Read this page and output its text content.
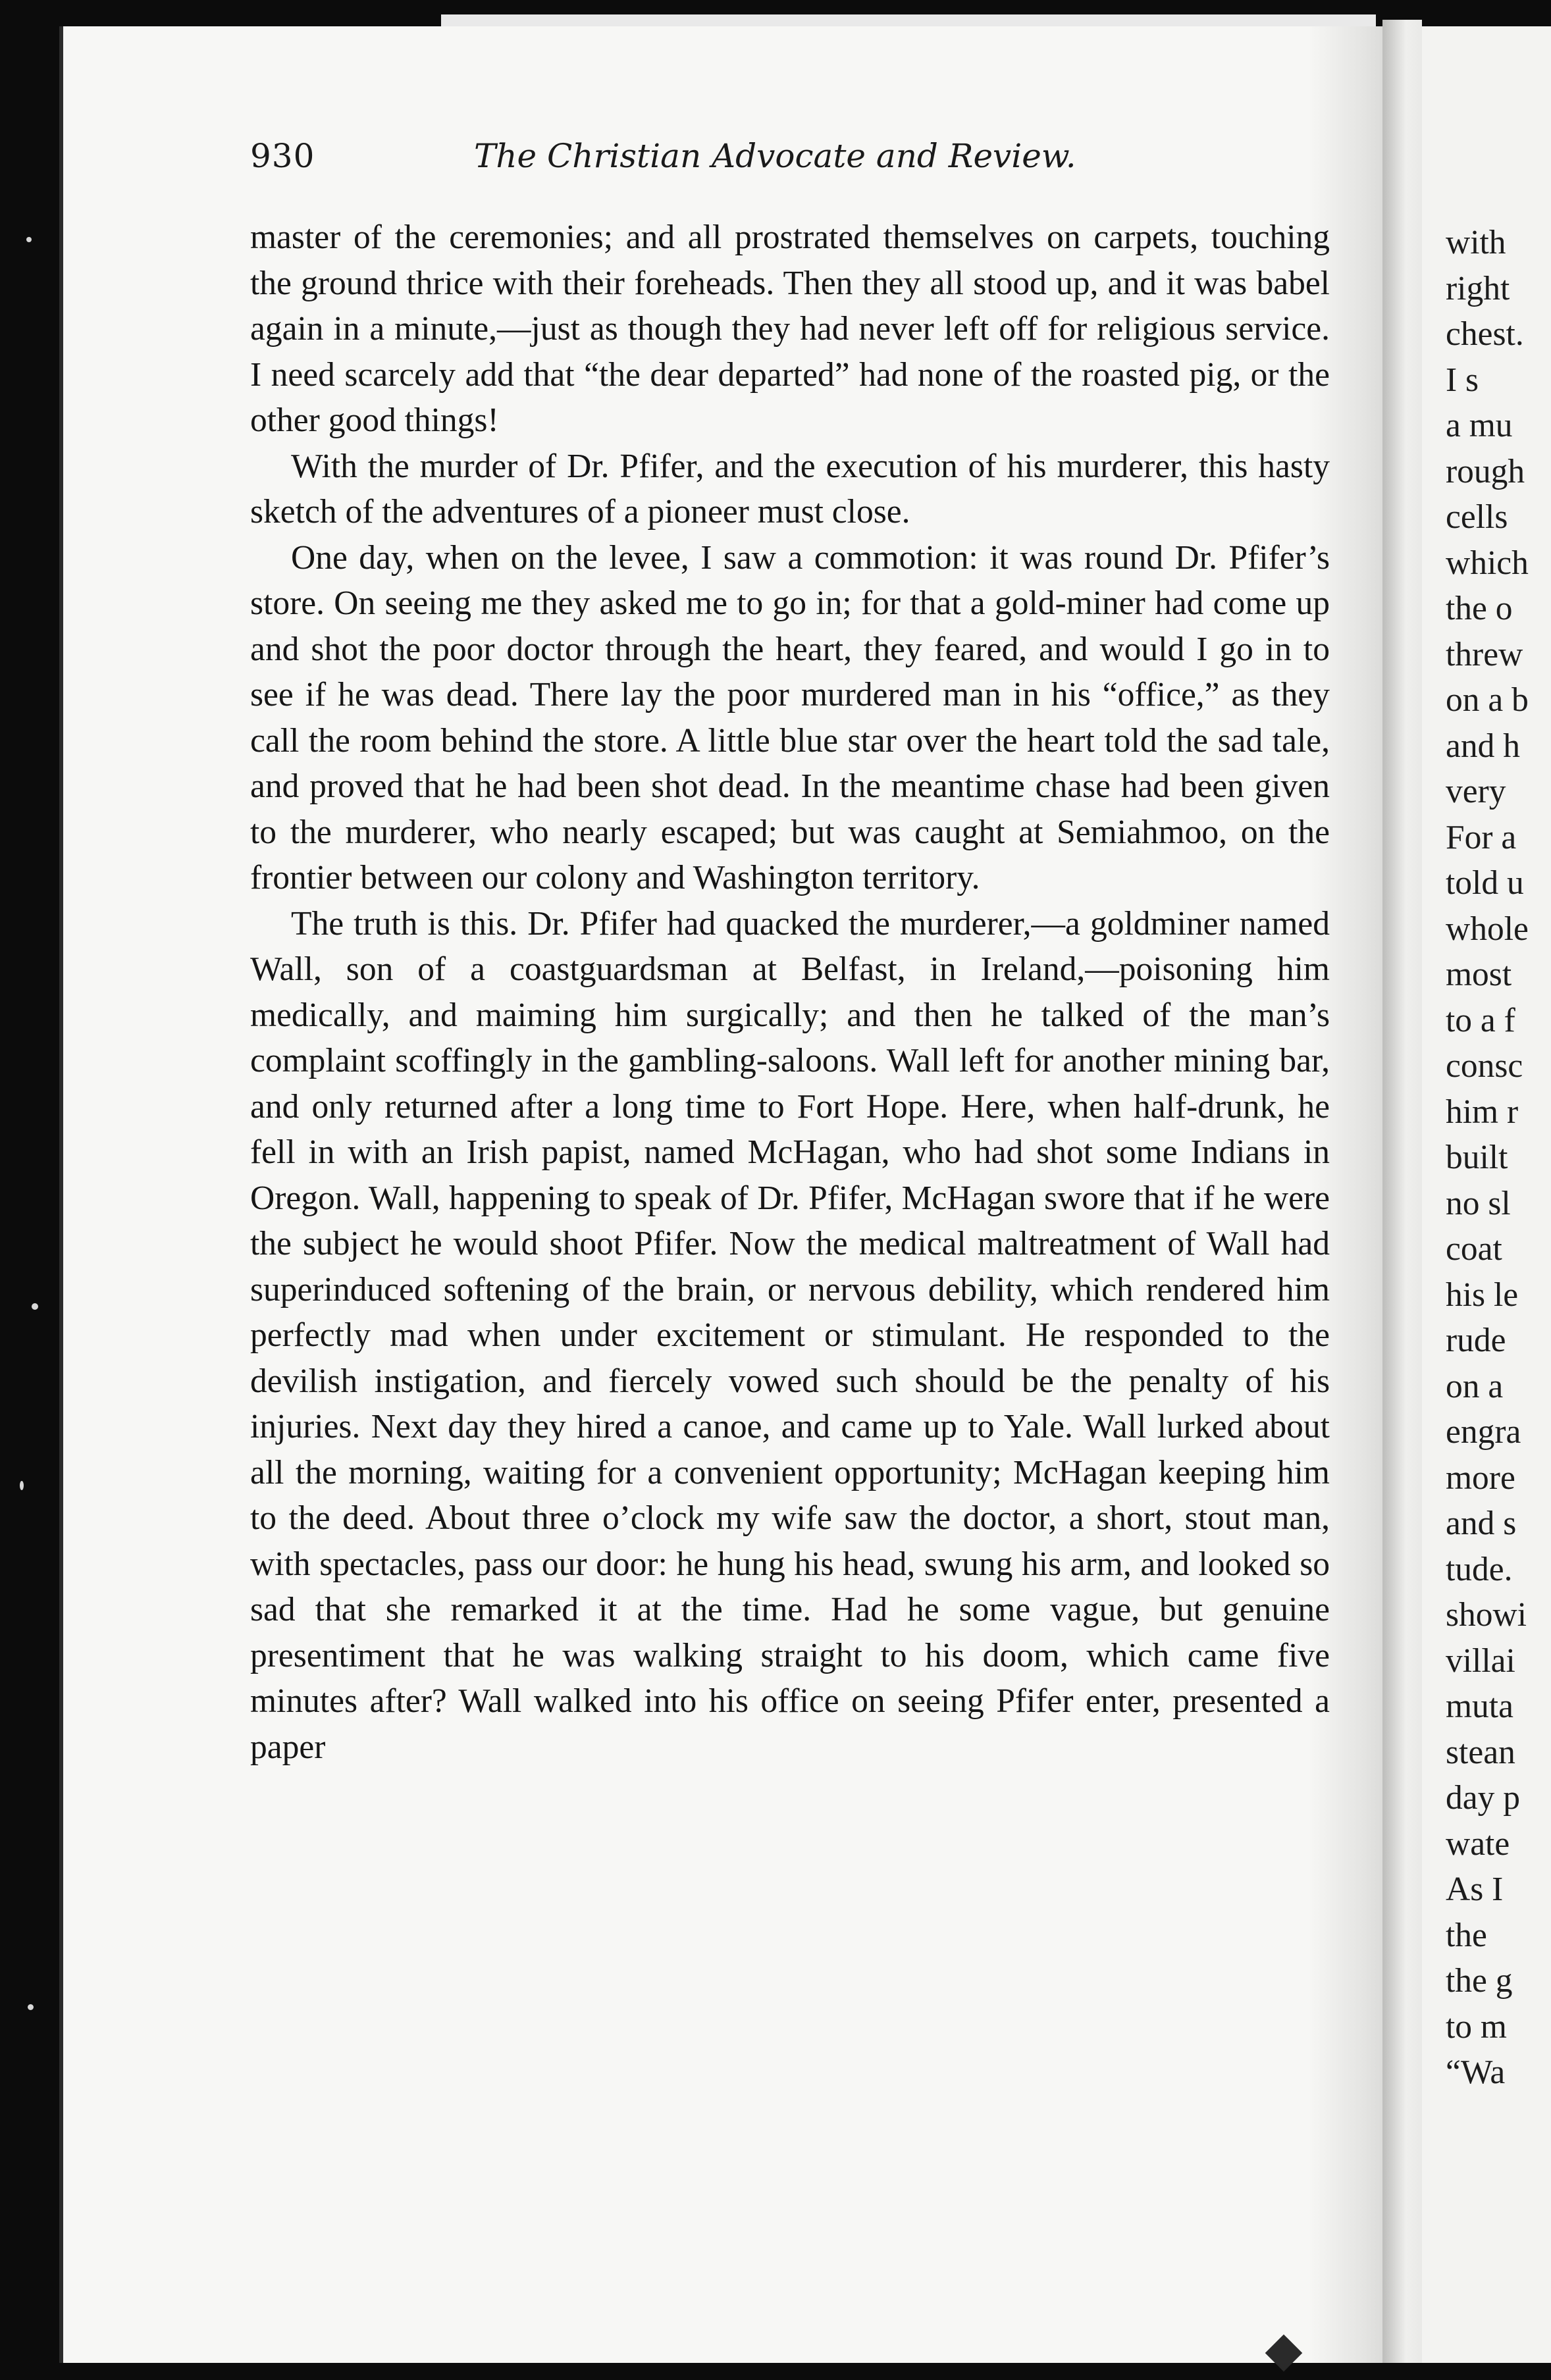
930	The Christian Advocate and Review.

master of the ceremonies; and all prostrated themselves on carpets, touching the ground thrice with their foreheads. Then they all stood up, and it was babel again in a minute,—just as though they had never left off for religious service. I need scarcely add that “the dear departed” had none of the roasted pig, or the other good things!

With the murder of Dr. Pfifer, and the execution of his murderer, this hasty sketch of the adventures of a pioneer must close.

One day, when on the levee, I saw a commotion: it was round Dr. Pfifer’s store. On seeing me they asked me to go in; for that a gold-miner had come up and shot the poor doctor through the heart, they feared, and would I go in to see if he was dead. There lay the poor murdered man in his “office,” as they call the room behind the store. A little blue star over the heart told the sad tale, and proved that he had been shot dead. In the meantime chase had been given to the murderer, who nearly escaped; but was caught at Semiahmoo, on the frontier between our colony and Washington territory.

The truth is this. Dr. Pfifer had quacked the murderer,—a goldminer named Wall, son of a coastguardsman at Belfast, in Ireland,—poisoning him medically, and maiming him surgically; and then he talked of the man’s complaint scoffingly in the gambling-saloons. Wall left for another mining bar, and only returned after a long time to Fort Hope. Here, when half-drunk, he fell in with an Irish papist, named McHagan, who had shot some Indians in Oregon. Wall, happening to speak of Dr. Pfifer, McHagan swore that if he were the subject he would shoot Pfifer. Now the medical maltreatment of Wall had superinduced softening of the brain, or nervous debility, which rendered him perfectly mad when under excitement or stimulant. He responded to the devilish instigation, and fiercely vowed such should be the penalty of his injuries. Next day they hired a canoe, and came up to Yale. Wall lurked about all the morning, waiting for a convenient opportunity; McHagan keeping him to the deed. About three o’clock my wife saw the doctor, a short, stout man, with spectacles, pass our door: he hung his head, swung his arm, and looked so sad that she remarked it at the time. Had he some vague, but genuine presentiment that he was walking straight to his doom, which came five minutes after? Wall walked into his office on seeing Pfifer enter, presented a paper

with
right
chest.
I s
a mu
rough
cells
which
the o
threw
on a b
and h
very
For a
told u
whole
most
to a f
consc
him r
built
no sl
coat
his le
rude
on a
engra
more
and s
tude.
showi
villai
muta
stean
day p
wate
As I
the
the g
to m
“Wa
